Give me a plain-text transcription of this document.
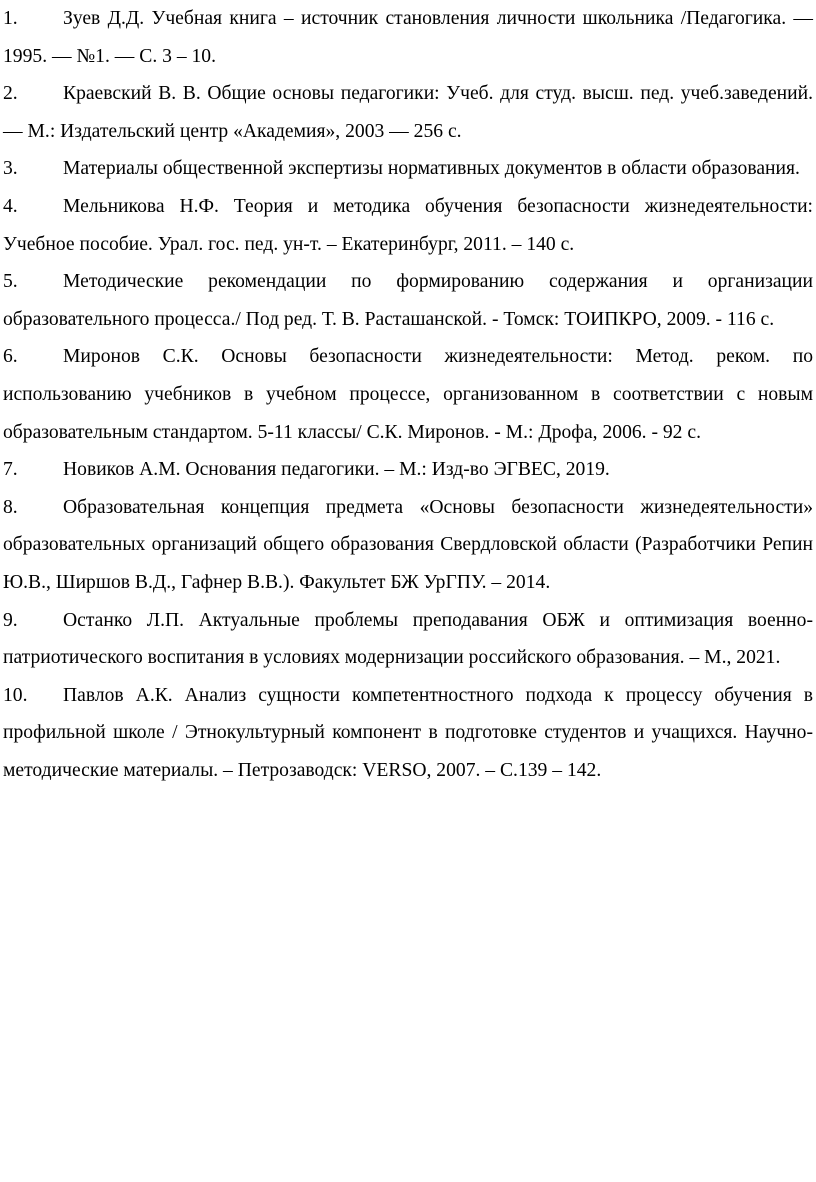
1. Зуев Д.Д. Учебная книга – источник становления личности школьника /Педагогика. —1995. — №1. — С. 3 – 10.
2. Краевский В. В. Общие основы педагогики: Учеб. для студ. высш. пед. учеб.заведений. — М.: Издательский центр «Академия», 2003 — 256 с.
3. Материалы общественной экспертизы нормативных документов в области образования.
4. Мельникова Н.Ф. Теория и методика обучения безопасности жизнедеятельности: Учебное пособие. Урал. гос. пед. ун-т. – Екатеринбург, 2011. – 140 с.
5. Методические рекомендации по формированию содержания и организации образовательного процесса./ Под ред. Т. В. Расташанской. - Томск: ТОИПКРО, 2009. - 116 с.
6. Миронов С.К. Основы безопасности жизнедеятельности: Метод. реком. по использованию учебников в учебном процессе, организованном в соответствии с новым образовательным стандартом. 5-11 классы/ С.К. Миронов. - М.: Дрофа, 2006. - 92 с.
7. Новиков А.М. Основания педагогики. – М.: Изд-во ЭГВЕС, 2019.
8. Образовательная концепция предмета «Основы безопасности жизнедеятельности» образовательных организаций общего образования Свердловской области (Разработчики Репин Ю.В., Ширшов В.Д., Гафнер В.В.). Факультет БЖ УрГПУ. – 2014.
9. Останко Л.П. Актуальные проблемы преподавания ОБЖ и оптимизация военно-патриотического воспитания в условиях модернизации российского образования. – М., 2021.
10. Павлов А.К. Анализ сущности компетентностного подхода к процессу обучения в профильной школе / Этнокультурный компонент в подготовке студентов и учащихся. Научно-методические материалы. – Петрозаводск: VERSO, 2007. – С.139 – 142.
